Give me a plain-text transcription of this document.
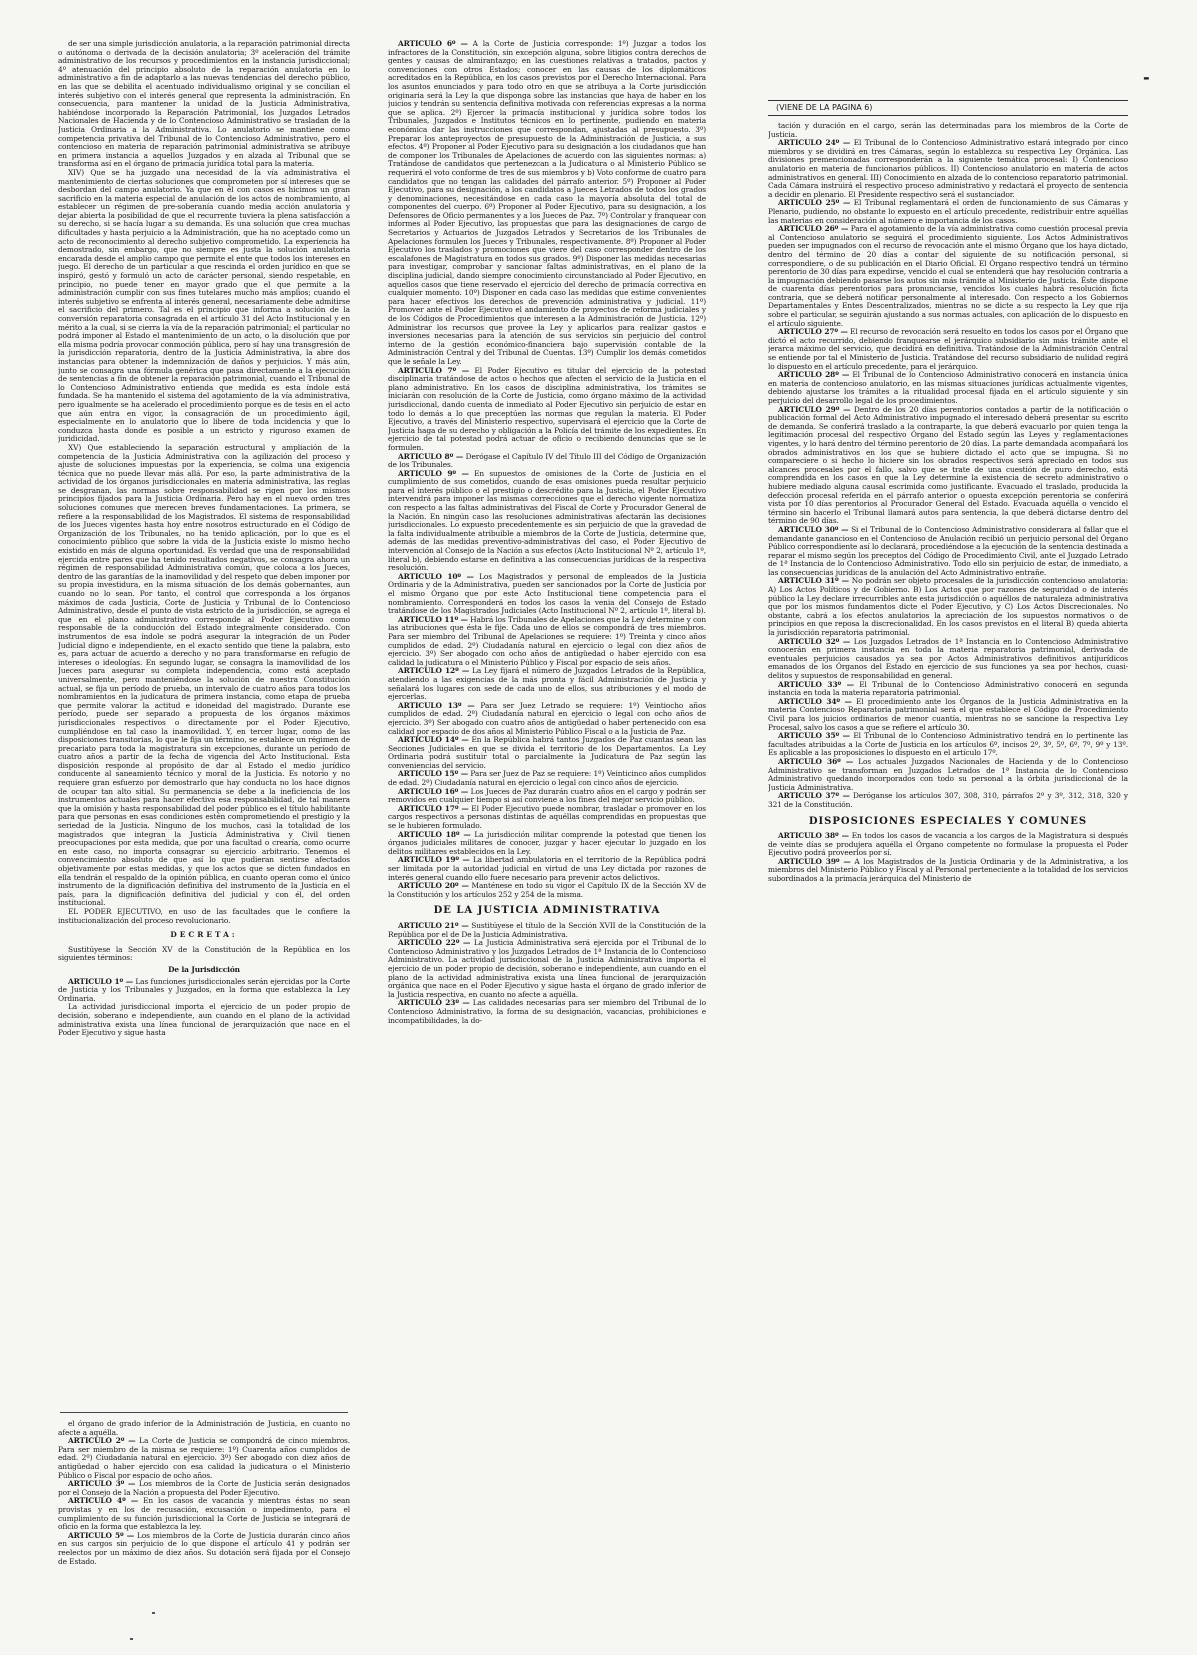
de ser una simple jurisdicción anulatoria, a la reparación patrimonial directa o autónoma o derivada de la decisión anulatoria; 3º aceleración del trámite administrativo de los recursos y procedimientos en la instancia jurisdiccional; 4º atenuación del principio absoluto de la reparación anulatoria en lo administrativo a fin de adaptarlo a las nuevas tendencias del derecho público, en las que se debilita el acentuado individualismo original y se concilian el interés subjetivo con el interés general que representa la administración. En consecuencia, para mantener la unidad de la Justicia Administrativa, habiéndose incorporado la Reparación Patrimonial, los Juzgados Letrados Nacionales de Hacienda y de lo Contencioso Administrativo se trasladan de la Justicia Ordinaria a la Administrativa. Lo anulatorio se mantiene como competencia privativa del Tribunal de lo Contencioso Administrativo, pero el contencioso en materia de reparación patrimonial administrativa se atribuye en primera instancia a aquellos Juzgados y en alzada al Tribunal que se transforma así en el órgano de primacía jurídica total para la materia.

XIV) Que se ha juzgado una necesidad de la vía administrativa el mantenimiento de ciertas soluciones que comprometen por sí intereses que se desbordan del campo anulatorio. Ya que en él con casos es hicimos un gran sacrificio en la materia especial de anulación de los actos de nombramiento, al establecer un régimen de pre-soberanía cuando media acción anulatoria y dejar abierta la posibilidad de que el recurrente tuviera la plena satisfacción a su derecho, si se hacía lugar a su demanda. Es una solución que crea muchas dificultades y hasta perjuicio a la Administración, que ha no aceptado como un acto de reconocimiento al derecho subjetivo comprometido. La experiencia ha demostrado, sin embargo, que no siempre es justa la solución anulatoria encarada desde el amplio campo que permite el ente que todos los intereses en juego. El derecho de un particular a que rescinda el orden jurídico en que se inspiró, gestó y formuló un acto de carácter personal, siendo respetable, en principio, no puede tener en mayor grado que el que permite a la administración cumplir con sus fines tutelares mucho más amplios; cuando el interés subjetivo se enfrenta al interés general, necesariamente debe admitirse el sacrificio del primero. Tal es el principio que informa a solución de la conversión reparatoria consagrada en el artículo 31 del Acto Institucional y en mérito a la cual, si se cierra la vía de la reparación patrimonial; el particular no podrá imponer al Estado el mantenimiento de un acto, o la disolución que por ella misma podría provocar conmoción pública, pero sí hay una transgresión de la jurisdicción reparatoria, dentro de la Justicia Administrativa, la abre dos instancias para obtener la indemnización de daños y perjuicios. Y más aún, junto se consagra una fórmula genérica que pasa directamente a la ejecución de sentencias a fin de obtener la reparación patrimonial, cuando el Tribunal de lo Contencioso Administrativo entienda que medida es esta índole está fundada. Se ha mantenido el sistema del agotamiento de la vía administrativa, pero igualmente se ha acelerado el procedimiento porque es de tesis en el acto que aún entra en vigor, la consagración de un procedimiento ágil, especialmente en lo anulatorio que lo libere de toda incidencia y que lo conduzca hasta donde es posible a un estricto y riguroso examen de juridicidad.

XV) Que estableciendo la separación estructural y ampliación de la competencia de la Justicia Administrativa con la agilización del proceso y ajuste de soluciones impuestas por la experiencia, se colma una exigencia técnica que no puede llevar más allá. Por eso, la parte administrativa de la actividad de los órganos jurisdiccionales en materia administrativa, las reglas se desgranan, las normas sobre responsabilidad se rigen por los mismos principios fijados para la Justicia Ordinaria. Pero hay en el nuevo orden tres soluciones comunes que merecen breves fundamentaciones. La primera, se refiere a la responsabilidad de los Magistrados. El sistema de responsabilidad de los Jueces vigentes hasta hoy entre nosotros estructurado en el Código de Organización de los Tribunales, no ha tenido aplicación, por lo que es el conocimiento público que sobre la vida de la Justicia existe lo mismo hecho existido en más de alguna oportunidad. Es verdad que una de responsabilidad ejercida entre pares que ha tenido resultados negativos, se consagra ahora un régimen de responsabilidad Administrativa común, que coloca a los Jueces, dentro de las garantías de la inamovilidad y del respeto que deben imponer por su propia investidura, en la misma situación de los demás gobernantes, aun cuando no lo sean. Por tanto, el control que corresponda a los órganos máximos de cada Justicia, Corte de Justicia y Tribunal de lo Contencioso Administrativo, desde el punto de vista estricto de la jurisdicción, se agrega el que en el plano administrativo corresponde al Poder Ejecutivo como responsable de la conducción del Estado integralmente considerado. Con instrumentos de esa índole se podrá asegurar la integración de un Poder Judicial digno e independiente, en el exacto sentido que tiene la palabra, esto es, para actuar de acuerdo a derecho y no para transformarse en refugio de intereses o ideologías. En segundo lugar, se consagra la inamovilidad de los Jueces para asegurar su completa independencia, como está aceptado universalmente, pero manteniéndose la solución de nuestra Constitución actual, se fija un período de prueba, un intervalo de cuatro años para todos los nombramientos en la judicatura de primera instancia, como etapa de prueba que permite valorar la actitud e idoneidad del magistrado. Durante ese período, puede ser separado a propuesta de los órganos máximos jurisdiccionales respectivos o directamente por el Poder Ejecutivo, cumpliéndose en tal caso la inamovilidad. Y, en tercer lugar, como de las disposiciones transitorias, lo que le fija un término, se establece un régimen de precariato para toda la magistratura sin excepciones, durante un período de cuatro años a partir de la fecha de vigencia del Acto Institucional. Esta disposición responde al propósito de dar al Estado el medio jurídico conducente al saneamiento técnico y moral de la Justicia. Es notorio y no requiere gran esfuerzo por demostrarlo que hay conducta no los hace dignos de ocupar tan alto sitial. Su permanencia se debe a la ineficiencia de los instrumentos actuales para hacer efectiva esa responsabilidad, de tal manera que la omisión y hasta responsabilidad del poder público es el título habilitante para que personas en esas condiciones estén comprometiendo el prestigio y la seriedad de la Justicia. Ninguno de los muchos, casi la totalidad de los magistrados que integran la Justicia Administrativa y Civil tienen preocupaciones por esta medida, que por una facultad o crearía, como ocurre en este caso, no importa consagrar su ejercicio arbitrario. Tenemos el convencimiento absoluto de que así lo que pudieran sentirse afectados objetivamente por estas medidas, y que los actos que se dicten fundados en ella tendrán el respaldo de la opinión pública, en cuanto operan como el único instrumento de la dignificación definitiva del instrumento de la Justicia en el país, para la dignificación definitiva del judicial y con él, del orden institucional.

EL PODER EJECUTIVO, en uso de las facultades que le confiere la institucionalización del proceso revolucionario.

DECRETA:

Sustitúyese la Sección XV de la Constitución de la República en los siguientes términos:

De la Jurisdicción

ARTICULO 1º — Las funciones jurisdiccionales serán ejercidas por la Corte de Justicia y los Tribunales y Juzgados, en la forma que establezca la Ley Ordinaria.

La actividad jurisdiccional importa el ejercicio de un poder propio de decisión, soberano e independiente, aun cuando en el plano de la actividad administrativa exista una línea funcional de jerarquización que nace en el Poder Ejecutivo y sigue hasta

el órgano de grado inferior de la Administración de Justicia, en cuanto no afecte a aquélla.

ARTICULO 2º — La Corte de Justicia se compondrá de cinco miembros. Para ser miembro de la misma se requiere: 1º) Cuarenta años cumplidos de edad. 2º) Ciudadanía natural en ejercicio. 3º) Ser abogado con diez años de antigüedad o haber ejercido con esa calidad la judicatura o el Ministerio Público o Fiscal por espacio de ocho años.

ARTICULO 3º — Los miembros de la Corte de Justicia serán designados por el Consejo de la Nación a propuesta del Poder Ejecutivo.

ARTICULO 4º — En los casos de vacancia y mientras éstas no sean provistas y en los de recusación, excusación o impedimento, para el cumplimiento de su función jurisdiccional la Corte de Justicia se integrará de oficio en la forma que establezca la ley.

ARTICULO 5º — Los miembros de la Corte de Justicia durarán cinco años en sus cargos sin perjuicio de lo que dispone el artículo 41 y podrán ser reelectos por un máximo de diez años. Su dotación será fijada por el Consejo de Estado.

ARTICULO 6º — A la Corte de Justicia corresponde: 1º) Juzgar a todos los infractores de la Constitución, sin excepción alguna, sobre litigios contra derechos de gentes y causas de almirantazgo; en las cuestiones relativas a tratados, pactos y convenciones con otros Estados; conocer en las causas de los diplomáticos acreditados en la República, en los casos previstos por el Derecho Internacional. Para los asuntos enunciados y para todo otro en que se atribuya a la Corte jurisdicción originaria será la Ley la que disponga sobre las instancias que haya de haber en los juicios y tendrán su sentencia definitiva motivada con referencias expresas a la norma que se aplica. 2º) Ejercer la primacía institucional y jurídica sobre todos los Tribunales, Juzgados e Institutos técnicos en lo pertinente, pudiendo en materia económica dar las instrucciones que correspondan, ajustadas al presupuesto. 3º) Preparar los anteproyectos de presupuesto de la Administración de Justicia, a sus efectos. 4º) Proponer al Poder Ejecutivo para su designación a los ciudadanos que han de componer los Tribunales de Apelaciones de acuerdo con las siguientes normas: a) Tratándose de candidatos que pertenezcan a la Judicatura o al Ministerio Público se requerirá el voto conforme de tres de sus miembros y b) Voto conforme de cuatro para candidatos que no tengan las calidades del párrafo anterior. 5º) Proponer al Poder Ejecutivo, para su designación, a los candidatos a Jueces Letrados de todos los grados y denominaciones, necesitándose en cada caso la mayoría absoluta del total de componentes del cuerpo. 6º) Proponer al Poder Ejecutivo, para su designación, a los Defensores de Oficio permanentes y a los Jueces de Paz. 7º) Controlar y franquear con informes al Poder Ejecutivo, las propuestas que para las designaciones de cargo de Secretarios y Actuarios de Juzgados Letrados y Secretarios de los Tribunales de Apelaciones formulen los Jueces y Tribunales, respectivamente. 8º) Proponer al Poder Ejecutivo los traslados y promociones que viere del caso corresponder dentro de los escalafones de Magistratura en todos sus grados. 9º) Disponer las medidas necesarias para investigar, comprobar y sancionar faltas administrativas, en el plano de la disciplina judicial, dando siempre conocimiento circunstanciado al Poder Ejecutivo, en aquellos casos que tiene reservado el ejercicio del derecho de primacía correctiva en cualquier momento. 10º) Disponer en cada caso las medidas que estime convenientes para hacer efectivos los derechos de prevención administrativa y judicial. 11º) Promover ante el Poder Ejecutivo el andamiento de proyectos de reforma judiciales y de los Códigos de Procedimientos que interesen a la Administración de Justicia. 12º) Administrar los recursos que provee la Ley y aplicarlos para realizar gastos e inversiones necesarias para la atención de sus servicios sin perjuicio del control interno de la gestión económico-financiera bajo supervisión contable de la Administración Central y del Tribunal de Cuentas. 13º) Cumplir los demás cometidos que le señale la Ley.

ARTICULO 7º — El Poder Ejecutivo es titular del ejercicio de la potestad disciplinaria tratándose de actos o hechos que afecten el servicio de la Justicia en el plano administrativo. En los casos de disciplina administrativa, los trámites se iniciarán con resolución de la Corte de Justicia, como órgano máximo de la actividad jurisdiccional, dando cuenta de inmediato al Poder Ejecutivo sin perjuicio de estar en todo lo demás a lo que preceptúen las normas que regulan la materia. El Poder Ejecutivo, a través del Ministerio respectivo, supervisará el ejercicio que la Corte de Justicia haga de su derecho y obligación a la Policía del trámite de los expedientes. En ejercicio de tal potestad podrá actuar de oficio o recibiendo denuncias que se le formulen.

ARTICULO 8º — Derógase el Capítulo IV del Título III del Código de Organización de los Tribunales.

ARTICULO 9º — En supuestos de omisiones de la Corte de Justicia en el cumplimiento de sus cometidos, cuando de esas omisiones pueda resultar perjuicio para el interés público o el prestigio o descrédito para la Justicia, el Poder Ejecutivo intervendrá para imponer las mismas correcciones que el derecho vigente normatiza con respecto a las faltas administrativas del Fiscal de Corte y Procurador General de la Nación. En ningún caso las resoluciones administrativas afectarán las decisiones jurisdiccionales. Lo expuesto precedentemente es sin perjuicio de que la gravedad de la falta individualmente atribuible a miembros de la Corte de Justicia, determine que, además de las medidas preventivo-administrativas del caso, el Poder Ejecutivo de intervención al Consejo de la Nación a sus efectos (Acto Institucional Nº 2, artículo 1º, literal b), debiendo estarse en definitiva a las consecuencias jurídicas de la respectiva resolución.

ARTICULO 10º — Los Magistrados y personal de empleados de la Justicia Ordinaria y de la Administrativa, pueden ser sancionados por la Corte de Justicia por el mismo Órgano que por este Acto Institucional tiene competencia para el nombramiento. Corresponderá en todos los casos la venia del Consejo de Estado tratándose de los Magistrados Judiciales (Acto Institucional Nº 2, artículo 1º, literal b).

ARTICULO 11º — Habrá los Tribunales de Apelaciones que la Ley determine y con las atribuciones que ésta le fije. Cada uno de ellos se compondrá de tres miembros. Para ser miembro del Tribunal de Apelaciones se requiere: 1º) Treinta y cinco años cumplidos de edad. 2º) Ciudadanía natural en ejercicio o legal con diez años de ejercicio. 3º) Ser abogado con ocho años de antigüedad o haber ejercido con esa calidad la judicatura o el Ministerio Público y Fiscal por espacio de seis años.

ARTICULO 12º — La Ley fijará el número de Juzgados Letrados de la República, atendiendo a las exigencias de la más pronta y fácil Administración de Justicia y señalará los lugares con sede de cada uno de ellos, sus atribuciones y el modo de ejercerlas.

ARTICULO 13º — Para ser Juez Letrado se requiere: 1º) Veintiocho años cumplidos de edad. 2º) Ciudadanía natural en ejercicio o legal con ocho años de ejercicio. 3º) Ser abogado con cuatro años de antigüedad o haber pertenecido con esa calidad por espacio de dos años al Ministerio Público Fiscal o a la Justicia de Paz.

ARTICULO 14º — En la República habrá tantos Juzgados de Paz cuantas sean las Secciones Judiciales en que se divida el territorio de los Departamentos. La Ley Ordinaria podrá sustituir total o parcialmente la Judicatura de Paz según las conveniencias del servicio.

ARTICULO 15º — Para ser Juez de Paz se requiere: 1º) Veinticinco años cumplidos de edad. 2º) Ciudadanía natural en ejercicio o legal con cinco años de ejercicio.

ARTICULO 16º — Los Jueces de Paz durarán cuatro años en el cargo y podrán ser removidos en cualquier tiempo si así conviene a los fines del mejor servicio público.

ARTICULO 17º — El Poder Ejecutivo puede nombrar, trasladar o promover en los cargos respectivos a personas distintas de aquéllas comprendidas en propuestas que se le hubieren formulado.

ARTICULO 18º — La jurisdicción militar comprende la potestad que tienen los órganos judiciales militares de conocer, juzgar y hacer ejecutar lo juzgado en los delitos militares establecidos en la Ley.

ARTICULO 19º — La libertad ambulatoria en el territorio de la República podrá ser limitada por la autoridad judicial en virtud de una Ley dictada por razones de interés general cuando ello fuere necesario para prevenir actos delictivos.

ARTICULO 20º — Manténese en todo su vigor el Capítulo IX de la Sección XV de la Constitución y los artículos 252 y 254 de la misma.

DE LA JUSTICIA ADMINISTRATIVA

ARTICULO 21º — Sustitúyese el título de la Sección XVII de la Constitución de la República por el de De la Justicia Administrativa.

ARTICULO 22º — La Justicia Administrativa será ejercida por el Tribunal de lo Contencioso Administrativo y los Juzgados Letrados de 1ª Instancia de lo Contencioso Administrativo. La actividad jurisdiccional de la Justicia Administrativa importa el ejercicio de un poder propio de decisión, soberano e independiente, aun cuando en el plano de la actividad administrativa exista una línea funcional de jerarquización orgánica que nace en el Poder Ejecutivo y sigue hasta el órgano de grado inferior de la Justicia respectiva, en cuanto no afecte a aquélla.

ARTICULO 23º — Las calidades necesarias para ser miembro del Tribunal de lo Contencioso Administrativo, la forma de su designación, vacancias, prohibiciones e incompatibilidades, la do-

(VIENE DE LA PAGINA 6)

tación y duración en el cargo, serán las determinadas para los miembros de la Corte de Justicia.

ARTICULO 24º — El Tribunal de lo Contencioso Administrativo estará integrado por cinco miembros y se dividirá en tres Cámaras, según lo establezca su respectiva Ley Orgánica. Las divisiones premencionadas corresponderán a la siguiente temática procesal: I) Contencioso anulatorio en materia de funcionarios públicos. II) Contencioso anulatorio en materia de actos administrativos en general. III) Conocimiento en alzada de lo contencioso reparatorio patrimonial. Cada Cámara instruirá el respectivo proceso administrativo y redactará el proyecto de sentencia a decidir en plenario. El Presidente respectivo será el sustanciador.

ARTICULO 25º — El Tribunal reglamentará el orden de funcionamiento de sus Cámaras y Plenario, pudiendo, no obstante lo expuesto en el artículo precedente, redistribuir entre aquéllas las materias en consideración al número e importancia de los casos.

ARTICULO 26º — Para el agotamiento de la vía administrativa como cuestión procesal previa al Contencioso anulatorio se seguirá el procedimiento siguiente. Los Actos Administrativos pueden ser impugnados con el recurso de revocación ante el mismo Órgano que los haya dictado, dentro del término de 20 días a contar del siguiente de su notificación personal, si correspondiere, o de su publicación en el Diario Oficial. El Órgano respectivo tendrá un término perentorio de 30 días para expedirse, vencido el cual se entenderá que hay resolución contraria a la impugnación debiendo pasarse los autos sin más trámite al Ministerio de Justicia. Éste dispone de cuarenta días perentorios para pronunciarse, vencidos los cuales habrá resolución ficta contraria, que se deberá notificar personalmente al interesado. Con respecto a los Gobiernos Departamentales y Entes Descentralizados, mientras no se dicte a su respecto la Ley que rija sobre el particular, se seguirán ajustando a sus normas actuales, con aplicación de lo dispuesto en el artículo siguiente.

ARTICULO 27º — El recurso de revocación será resuelto en todos los casos por el Órgano que dictó el acto recurrido, debiendo franquearse el jerárquico subsidiario sin más trámite ante el jerarca máximo del servicio, que decidirá en definitiva. Tratándose de la Administración Central se entiende por tal el Ministerio de Justicia. Tratándose del recurso subsidiario de nulidad regirá lo dispuesto en el artículo precedente, para el jerárquico.

ARTICULO 28º — El Tribunal de lo Contencioso Administrativo conocerá en instancia única en materia de contencioso anulatorio, en las mismas situaciones jurídicas actualmente vigentes, debiendo ajustarse los trámites a la ritualidad procesal fijada en el artículo siguiente y sin perjuicio del desarrollo legal de los procedimientos.

ARTICULO 29º — Dentro de los 20 días perentorios contados a partir de la notificación o publicación formal del Acto Administrativo impugnado el interesado deberá presentar su escrito de demanda. Se conferirá traslado a la contraparte, la que deberá evacuarlo por quien tenga la legitimación procesal del respectivo Órgano del Estado según las Leyes y reglamentaciones vigentes, y lo hará dentro del término perentorio de 20 días. La parte demandada acompañará los obrados administrativos en los que se hubiere dictado el acto que se impugna. Si no compareciere o si hecho lo hiciere sin los obrados respectivos será apreciado en todos sus alcances procesales por el fallo, salvo que se trate de una cuestión de puro derecho, está comprendida en los casos en que la Ley determine la existencia de secreto administrativo o hubiere mediado alguna causal escrimida como justificante. Evacuado el traslado, producida la defección procesal referida en el párrafo anterior o opuesta excepción perentoria se conferirá vista por 10 días perentorios al Procurador General del Estado. Evacuada aquélla o vencido el término sin hacerlo el Tribunal llamará autos para sentencia, la que deberá dictarse dentro del término de 90 días.

ARTICULO 30º — Si el Tribunal de lo Contencioso Administrativo considerara al fallar que el demandante ganancioso en el Contencioso de Anulación recibió un perjuicio personal del Órgano Público correspondiente así lo declarará, procediéndose a la ejecución de la sentencia destinada a reparar el mismo según los preceptos del Código de Procedimiento Civil, ante el Juzgado Letrado de 1ª Instancia de lo Contencioso Administrativo. Todo ello sin perjuicio de estar, de inmediato, a las consecuencias jurídicas de la anulación del Acto Administrativo entrañe.

ARTICULO 31º — No podrán ser objeto procesales de la jurisdicción contencioso anulatoria: A) Los Actos Políticos y de Gobierno. B) Los Actos que por razones de seguridad o de interés público la Ley declare irrecurribles ante esta jurisdicción o aquéllos de naturaleza administrativa que por los mismos fundamentos dicte el Poder Ejecutivo, y C) Los Actos Discrecionales. No obstante, cabrá a los efectos anulatorios la apreciación de los supuestos normativos o de principios en que reposa la discrecionalidad. En los casos previstos en el literal B) queda abierta la jurisdicción reparatoria patrimonial.

ARTICULO 32º — Los Juzgados Letrados de 1ª Instancia en lo Contencioso Administrativo conocerán en primera instancia en toda la materia reparatoria patrimonial, derivada de eventuales perjuicios causados ya sea por Actos Administrativos definitivos antijurídicos emanados de los Órganos del Estado en ejercicio de sus funciones ya sea por hechos, cuasi-delitos y supuestos de responsabilidad en general.

ARTICULO 33º — El Tribunal de lo Contencioso Administrativo conocerá en segunda instancia en toda la materia reparatoria patrimonial.

ARTICULO 34º — El procedimiento ante los Órganos de la Justicia Administrativa en la materia Contencioso Reparatoria patrimonial será el que establece el Código de Procedimiento Civil para los juicios ordinarios de menor cuantía, mientras no se sancione la respectiva Ley Procesal, salvo los casos a que se refiere el artículo 30.

ARTICULO 35º — El Tribunal de lo Contencioso Administrativo tendrá en lo pertinente las facultades atribuidas a la Corte de Justicia en los artículos 6º, incisos 2º, 3º, 5º, 6º, 7º, 9º y 13º. Es aplicable a las proposiciones lo dispuesto en el artículo 17º.

ARTICULO 36º — Los actuales Juzgados Nacionales de Hacienda y de lo Contencioso Administrativo se transforman en Juzgados Letrados de 1ª Instancia de lo Contencioso Administrativo quedando incorporados con todo su personal a la órbita jurisdiccional de la Justicia Administrativa.

ARTICULO 37º — Deróganse los artículos 307, 308, 310, párrafos 2º y 3º, 312, 318, 320 y 321 de la Constitución.

DISPOSICIONES ESPECIALES Y COMUNES

ARTICULO 38º — En todos los casos de vacancia a los cargos de la Magistratura si después de veinte días se produjera aquélla el Órgano competente no formulase la propuesta el Poder Ejecutivo podrá proveerlos por sí.

ARTICULO 39º — A los Magistrados de la Justicia Ordinaria y de la Administrativa, a los miembros del Ministerio Público y Fiscal y al Personal perteneciente a la totalidad de los servicios subordinados a la primacía jerárquica del Ministerio de

-
